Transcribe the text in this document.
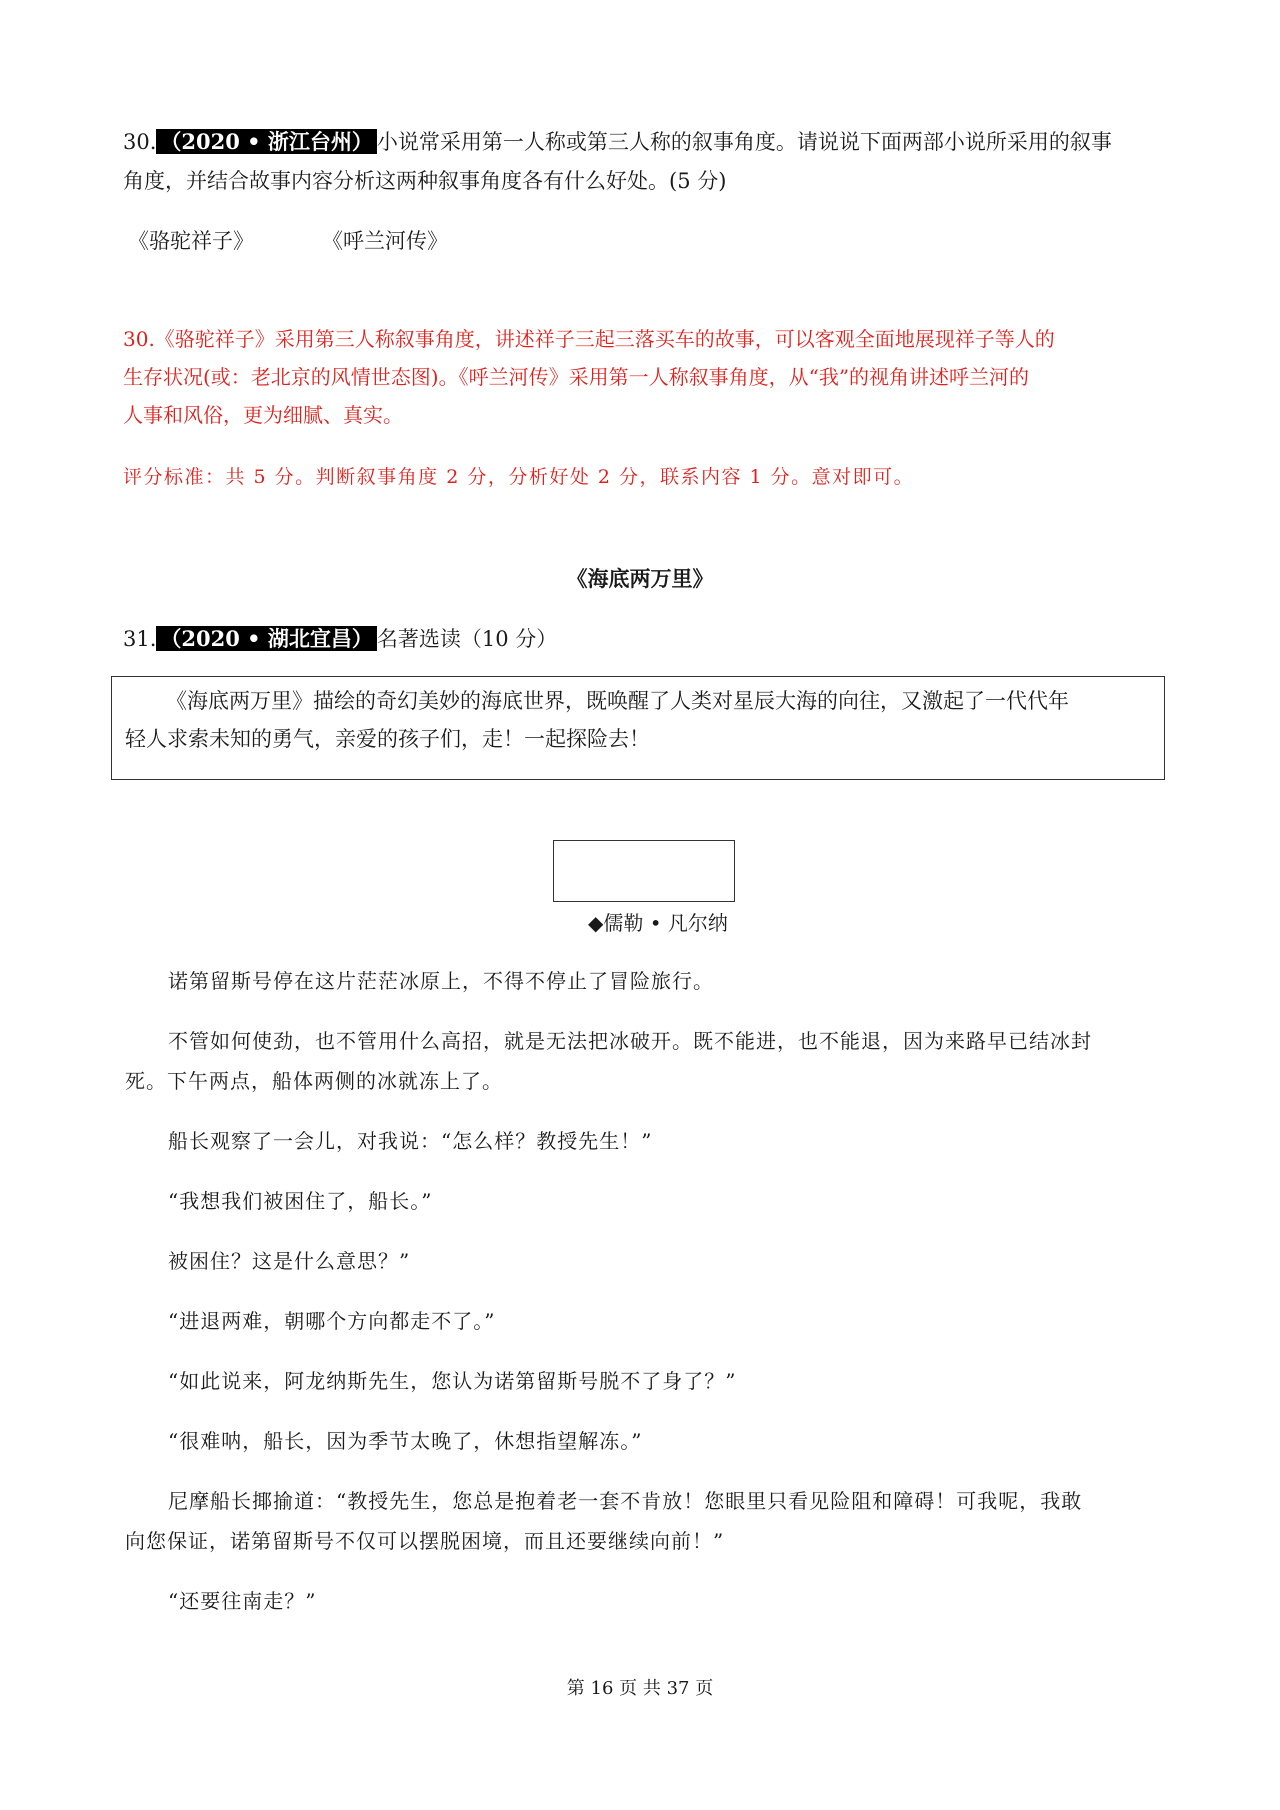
30. （2020 • 浙江台州） 小说常采用第一人称或第三人称的叙事角度。请说说下面两部小说所采用的叙事
角度，并结合故事内容分析这两种叙事角度各有什么好处。(5 分)
《骆驼祥子》	《呼兰河传》
30.《骆驼祥子》采用第三人称叙事角度，讲述祥子三起三落买车的故事，可以客观全面地展现祥子等人的
生存状况(或：老北京的风情世态图)。《呼兰河传》采用第一人称叙事角度，从“我”的视角讲述呼兰河的
人事和风俗，更为细腻、真实。
评分标准：共 5 分。判断叙事角度 2 分，分析好处 2 分，联系内容 1 分。意对即可。
《海底两万里》
31. （2020 • 湖北宜昌） 名著选读（10 分）
《海底两万里》描绘的奇幻美妙的海底世界，既唤醒了人类对星辰大海的向往，又激起了一代代年
轻人求索未知的勇气，亲爱的孩子们，走！一起探险去！
◆儒勒 • 凡尔纳
诺第留斯号停在这片茫茫冰原上，不得不停止了冒险旅行。
不管如何使劲，也不管用什么高招，就是无法把冰破开。既不能进，也不能退，因为来路早已结冰封
死。下午两点，船体两侧的冰就冻上了。
船长观察了一会儿，对我说：“怎么样？教授先生！”
“我想我们被困住了，船长。”
被困住？这是什么意思？”
“进退两难，朝哪个方向都走不了。”
“如此说来，阿龙纳斯先生，您认为诺第留斯号脱不了身了？”
“很难呐，船长，因为季节太晚了，休想指望解冻。”
尼摩船长揶揄道：“教授先生，您总是抱着老一套不肯放！您眼里只看见险阻和障碍！可我呢，我敢
向您保证，诺第留斯号不仅可以摆脱困境，而且还要继续向前！”
“还要往南走？”
第 16 页 共 37 页
